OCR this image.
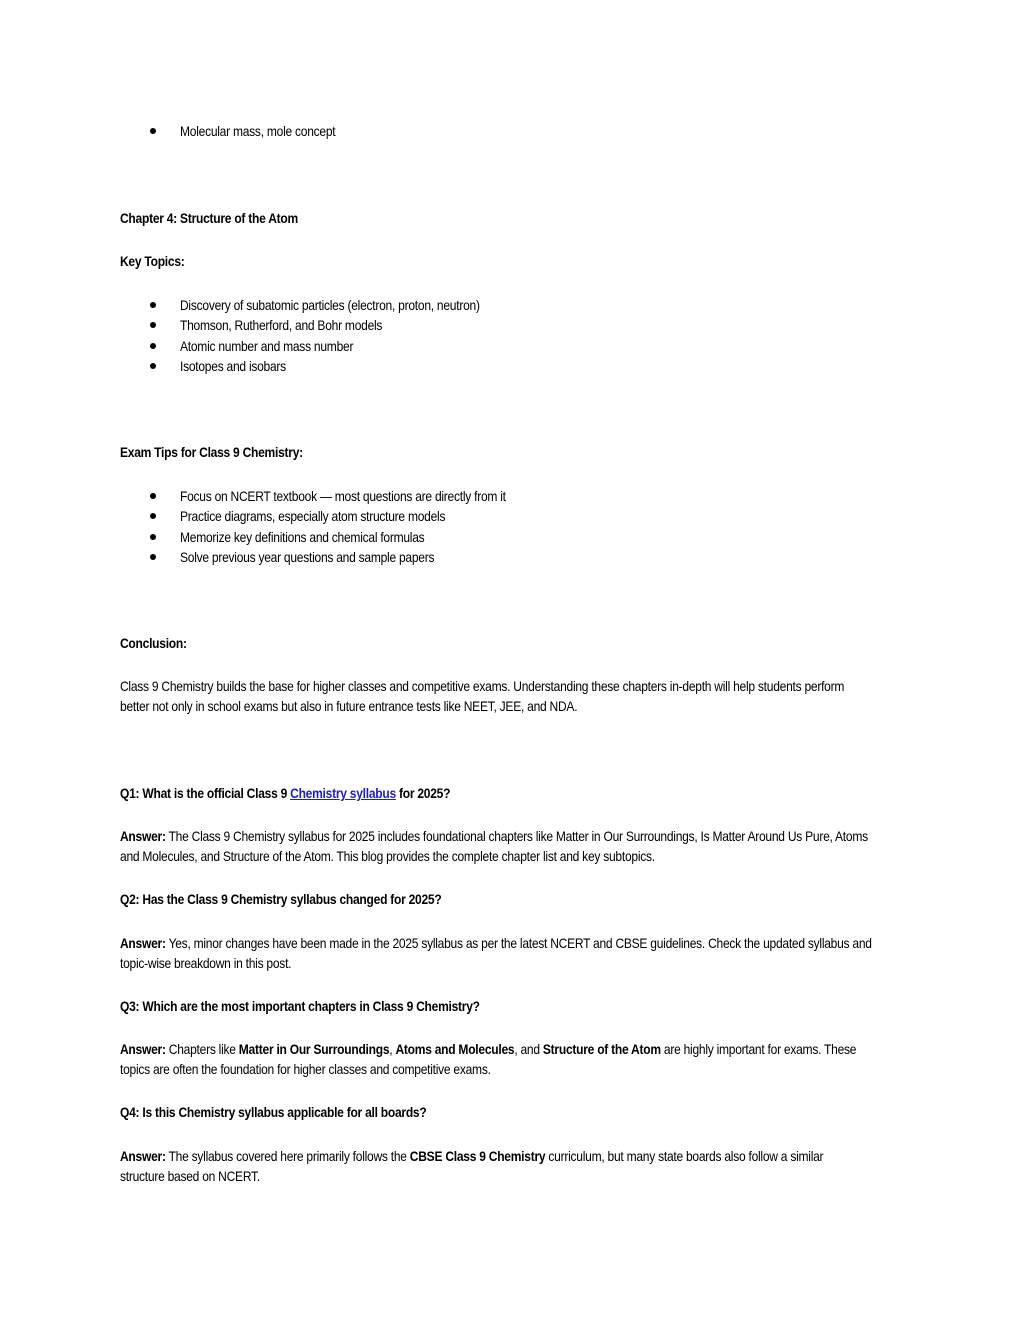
Molecular mass, mole concept
Chapter 4: Structure of the Atom
Key Topics:
Discovery of subatomic particles (electron, proton, neutron)
Thomson, Rutherford, and Bohr models
Atomic number and mass number
Isotopes and isobars
Exam Tips for Class 9 Chemistry:
Focus on NCERT textbook — most questions are directly from it
Practice diagrams, especially atom structure models
Memorize key definitions and chemical formulas
Solve previous year questions and sample papers
Conclusion:
Class 9 Chemistry builds the base for higher classes and competitive exams. Understanding these chapters in-depth will help students perform
better not only in school exams but also in future entrance tests like NEET, JEE, and NDA.
Q1: What is the official Class 9 Chemistry syllabus for 2025?
Answer: The Class 9 Chemistry syllabus for 2025 includes foundational chapters like Matter in Our Surroundings, Is Matter Around Us Pure, Atoms
and Molecules, and Structure of the Atom. This blog provides the complete chapter list and key subtopics.
Q2: Has the Class 9 Chemistry syllabus changed for 2025?
Answer: Yes, minor changes have been made in the 2025 syllabus as per the latest NCERT and CBSE guidelines. Check the updated syllabus and
topic-wise breakdown in this post.
Q3: Which are the most important chapters in Class 9 Chemistry?
Answer: Chapters like Matter in Our Surroundings, Atoms and Molecules, and Structure of the Atom are highly important for exams. These
topics are often the foundation for higher classes and competitive exams.
Q4: Is this Chemistry syllabus applicable for all boards?
Answer: The syllabus covered here primarily follows the CBSE Class 9 Chemistry curriculum, but many state boards also follow a similar
structure based on NCERT.
